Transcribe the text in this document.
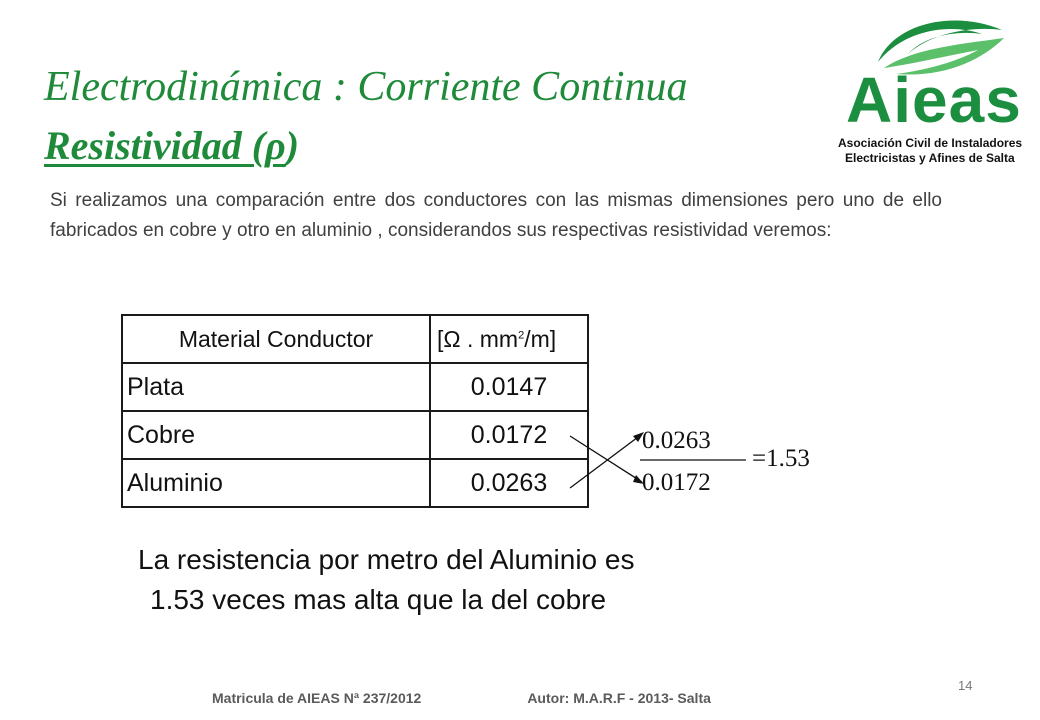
Electrodinámica : Corriente Continua
Resistividad (ρ)
Aieas
Asociación Civil de Instaladores
Electricistas y Afines de Salta

Si realizamos una comparación entre dos conductores con las mismas dimensiones pero uno de ello fabricados en cobre y otro en aluminio , considerandos sus respectivas resistividad veremos:

Material Conductor	[Ω . $mm^2/m$]
Plata	0.0147
Cobre	0.0172
Aluminio	0.0263
0.0263
0.0172
=1.53
La resistencia por metro del Aluminio es
1.53 veces mas alta que la del cobre
Matricula de AIEAS Nª 237/2012	Autor: M.A.R.F - 2013- Salta
14
